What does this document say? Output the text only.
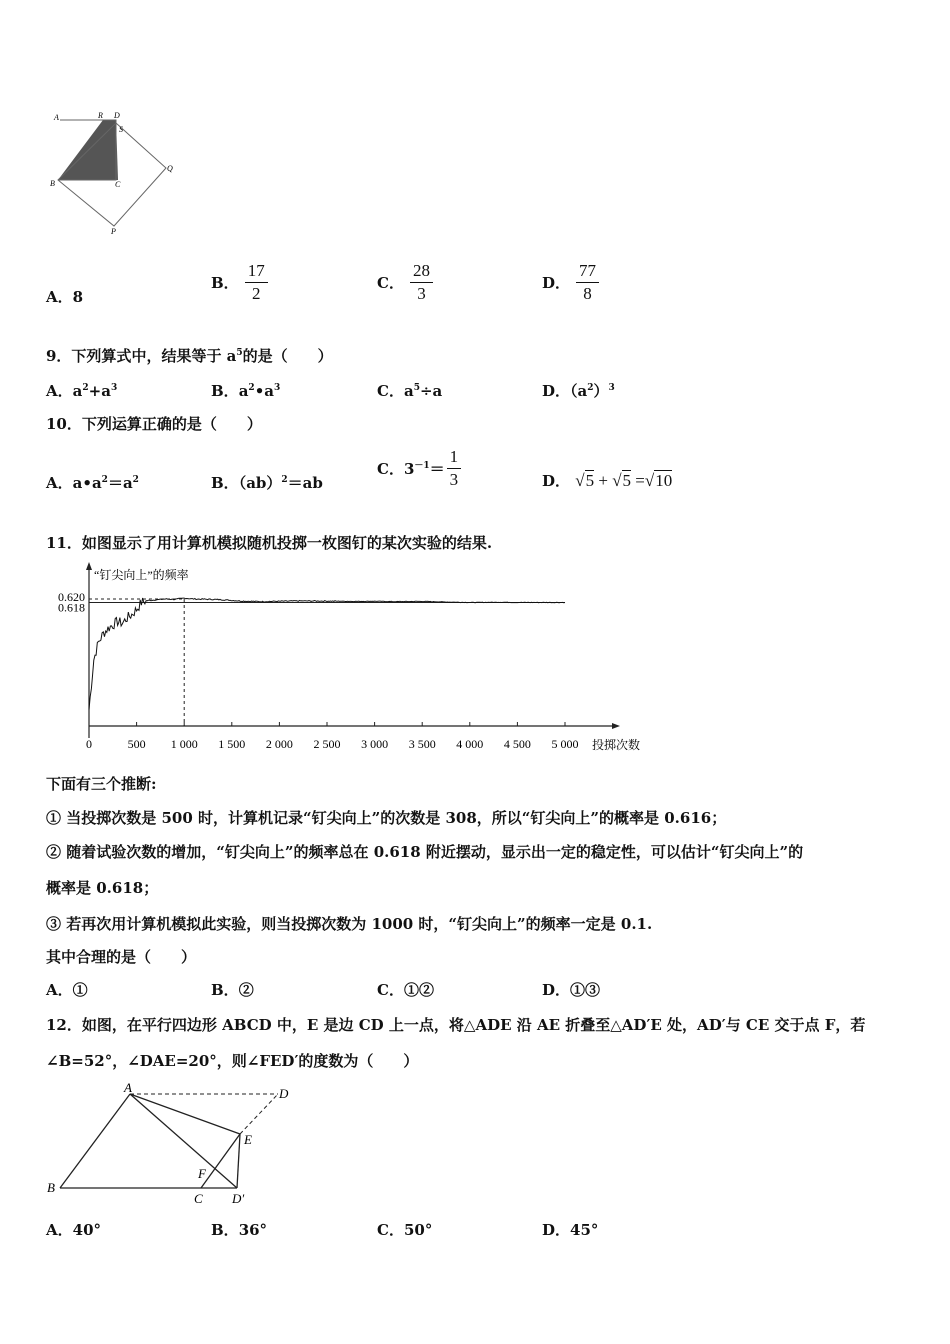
A	R D
S
B	C
Q
P
A．8
B． $\frac{17}{2}$	C． $\frac{28}{3}$	D． $\frac{77}{8}$
9．下列算式中，结果等于 $a^5$的是（　　）
A．$a^2+a^3$	B．$a^2•a^3$	C．$a^5\div a$	D．$(a^2)^3$
10．下列运算正确的是（　　）
A．$a•a^2=a^2$	B．（ab）$^2$＝ab
C．$3^{-1}= \frac{1}{3}$	D． √5 + √5 =√10
11．如图显示了用计算机模拟随机投掷一枚图钉的某次实验的结果.
“钉尖向上”的频率
投掷次数
0	500 1 000 1 500 2 000 2 500 3 000 3 500 4 000 4 500 5 000
0.620
0.618
下面有三个推断:
① 当投掷次数是 500 时，计算机记录“钉尖向上”的次数是 308，所以“钉尖向上”的概率是 0.616；
② 随着试验次数的增加，“钉尖向上”的频率总在 0.618 附近摆动，显示出一定的稳定性，可以估计“钉尖向上”的
概率是 0.618；
③ 若再次用计算机模拟此实验，则当投掷次数为 1000 时，“钉尖向上”的频率一定是 0.1.
其中合理的是（　　）
A．①	B．②	C．①②	D．①③
12．如图，在平行四边形 ABCD 中，E 是边 CD 上一点，将△ADE 沿 AE 折叠至△AD′E 处，AD′与 CE 交于点 F，若
∠B=52°，∠DAE=20°，则∠FED′的度数为（　　）
A	D
E
F
B
C D′
A．40°	B．36°	C．50°	D．45°
